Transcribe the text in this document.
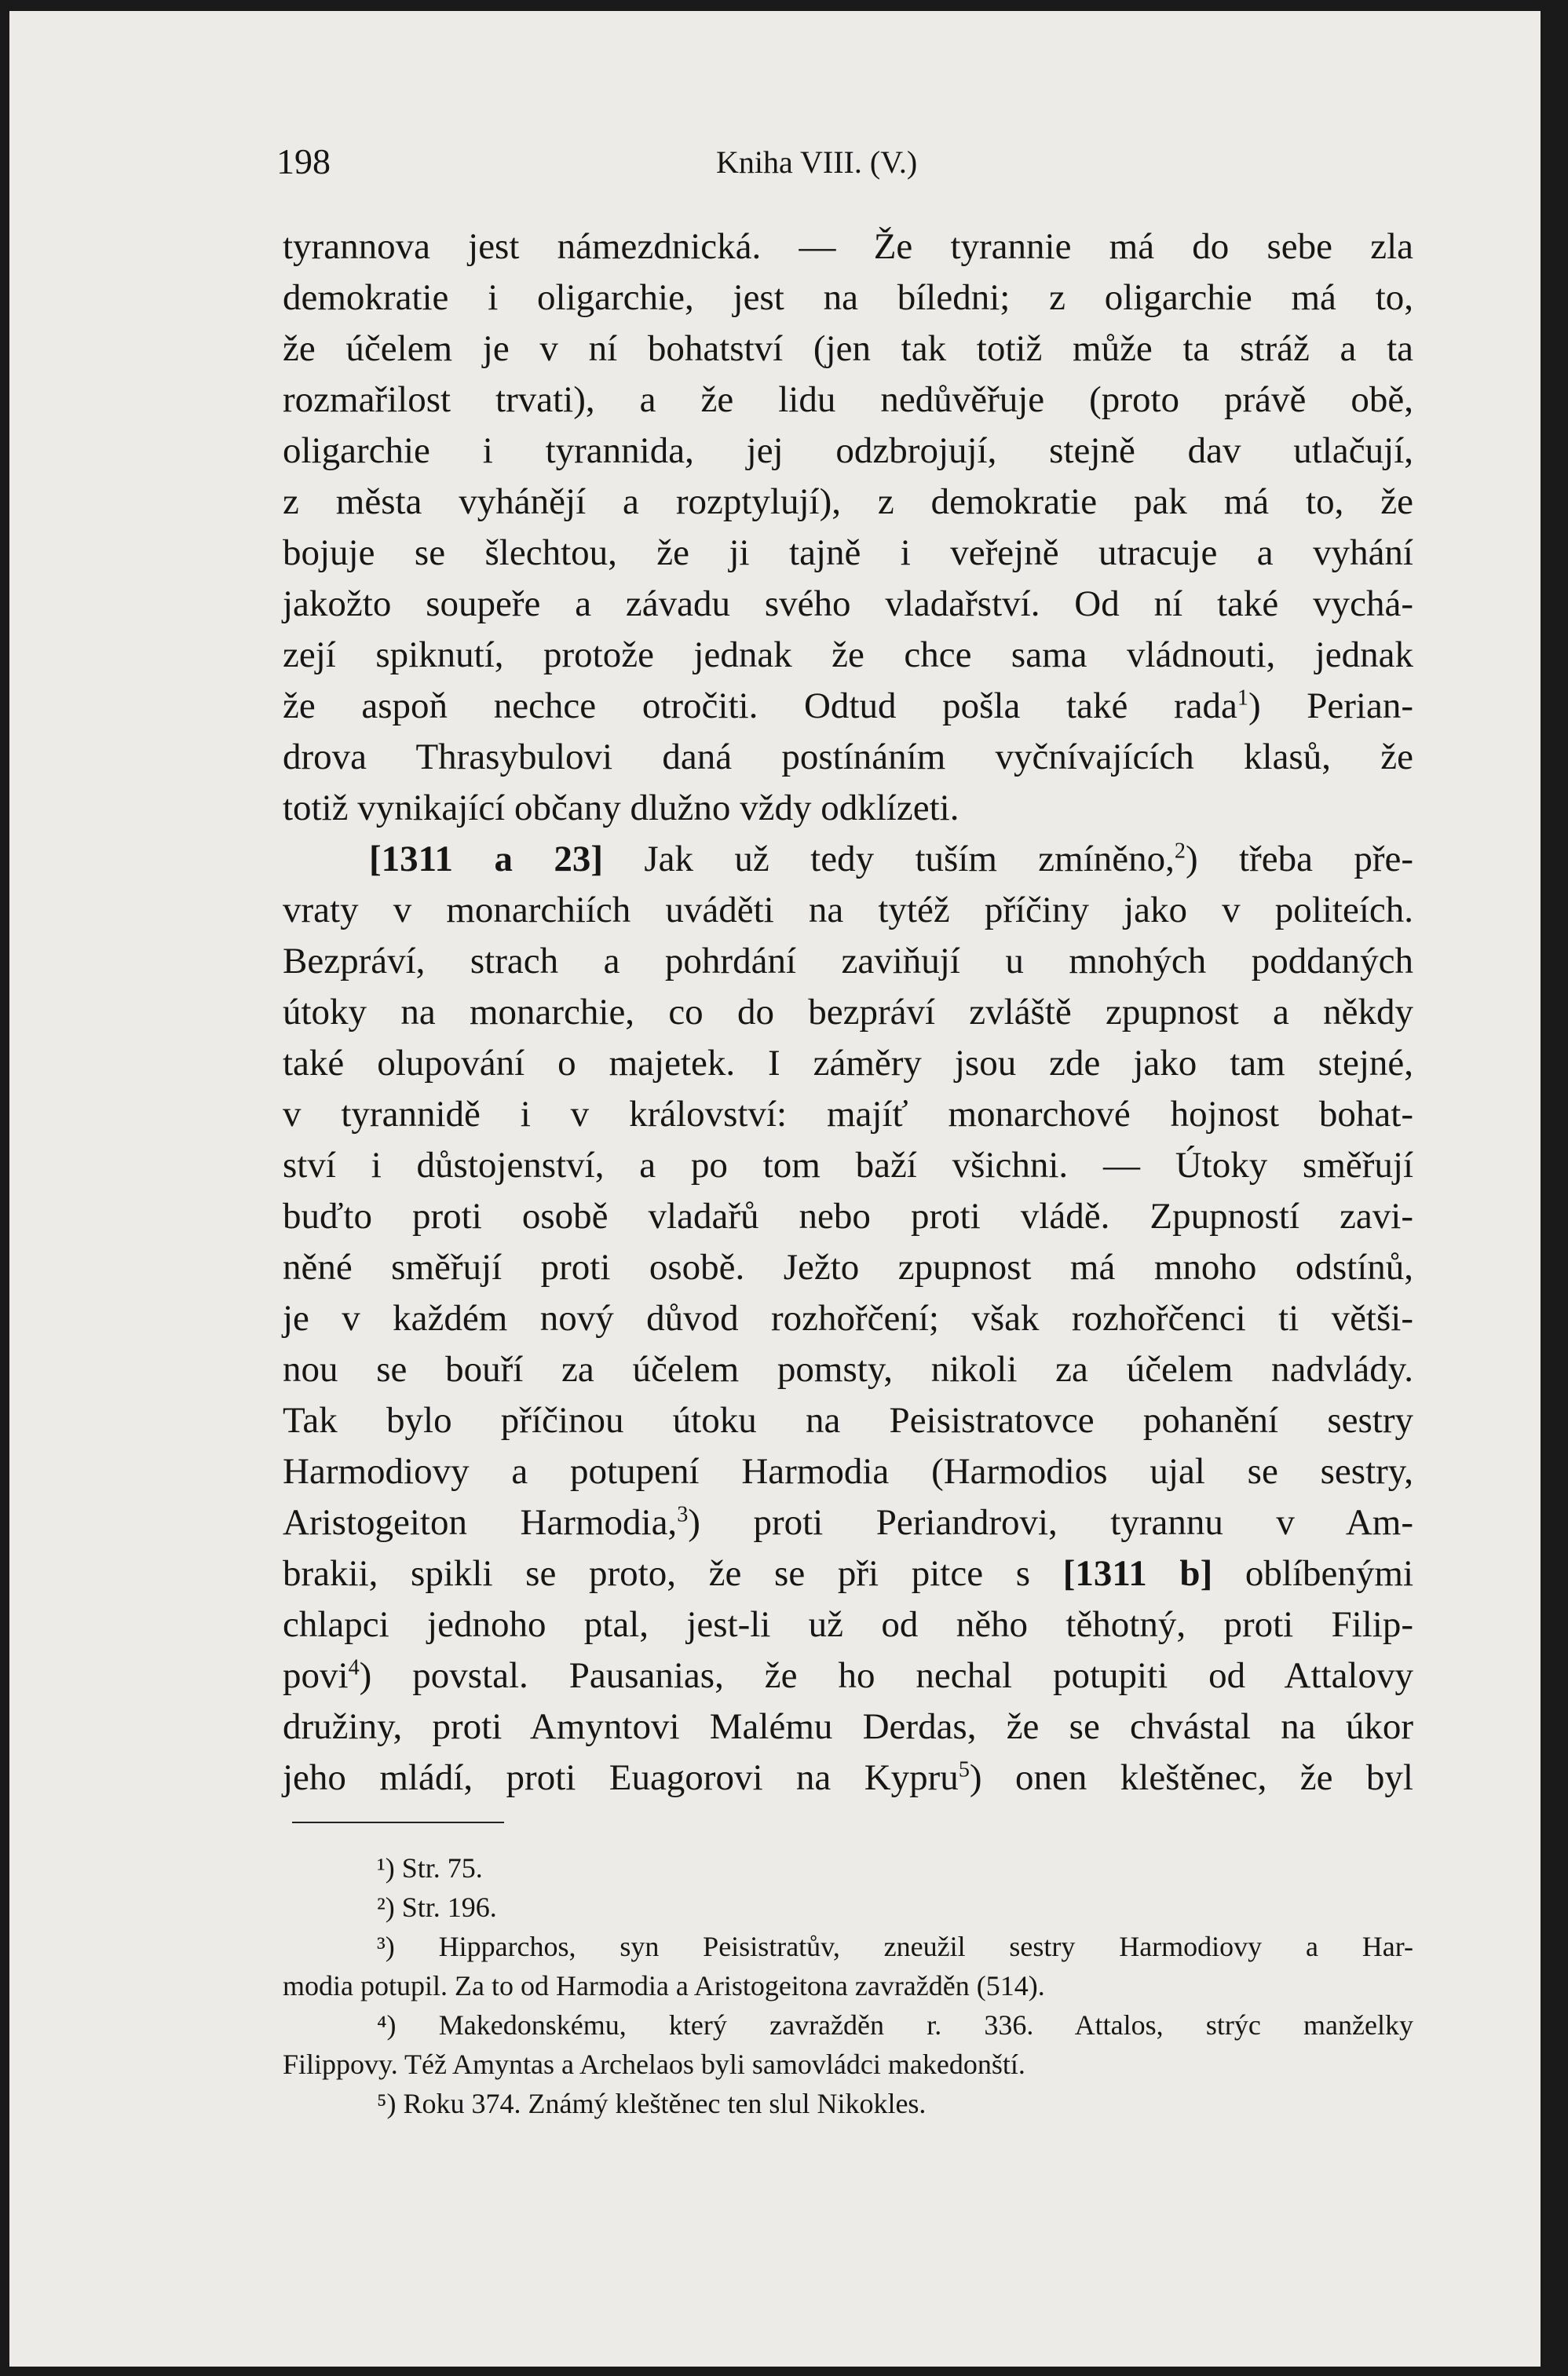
198	Kniha VIII. (V.)
tyrannova jest námezdnická. — Že tyrannie má do sebe zla
demokratie i oligarchie, jest na bíledni; z oligarchie má to,
že účelem je v ní bohatství (jen tak totiž může ta stráž a ta
rozmařilost trvati), a že lidu nedůvěřuje (proto právě obě,
oligarchie i tyrannida, jej odzbrojují, stejně dav utlačují,
z města vyhánějí a rozptylují), z demokratie pak má to, že
bojuje se šlechtou, že ji tajně i veřejně utracuje a vyhání
jakožto soupeře a závadu svého vladařství. Od ní také vychá-
zejí spiknutí, protože jednak že chce sama vládnouti, jednak
že aspoň nechce otročiti. Odtud pošla také rada$^1$) Perian-
drova Thrasybulovi daná postínáním vyčnívajících klasů, že
totiž vynikající občany dlužno vždy odklízeti.
[1311 a 23] Jak už tedy tuším zmíněno,$^2$) třeba pře-
vraty v monarchiích uváděti na tytéž příčiny jako v politeích.
Bezpráví, strach a pohrdání zaviňují u mnohých poddaných
útoky na monarchie, co do bezpráví zvláště zpupnost a někdy
také olupování o majetek. I záměry jsou zde jako tam stejné,
v tyrannidě i v království: majíť monarchové hojnost bohat-
ství i důstojenství, a po tom baží všichni. — Útoky směřují
buďto proti osobě vladařů nebo proti vládě. Zpupností zavi-
něné směřují proti osobě. Ježto zpupnost má mnoho odstínů,
je v každém nový důvod rozhořčení; však rozhořčenci ti větši-
nou se bouří za účelem pomsty, nikoli za účelem nadvlády.
Tak bylo příčinou útoku na Peisistratovce pohanění sestry
Harmodiovy a potupení Harmodia (Harmodios ujal se sestry,
Aristogeiton Harmodia,$^3$) proti Periandrovi, tyrannu v Am-
brakii, spikli se proto, že se při pitce s [1311 b] oblíbenými
chlapci jednoho ptal, jest-li už od něho těhotný, proti Filip-
povi$^4$) povstal. Pausanias, že ho nechal potupiti od Attalovy
družiny, proti Amyntovi Malému Derdas, že se chvástal na úkor
jeho mládí, proti Euagorovi na Kypru$^5$) onen kleštěnec, že byl
¹) Str. 75.
²) Str. 196.
³) Hipparchos, syn Peisistratův, zneužil sestry Harmodiovy a Har-
modia potupil. Za to od Harmodia a Aristogeitona zavražděn (514).
⁴) Makedonskému, který zavražděn r. 336. Attalos, strýc manželky
Filippovy. Též Amyntas a Archelaos byli samovládci makedonští.
⁵) Roku 374. Známý kleštěnec ten slul Nikokles.
